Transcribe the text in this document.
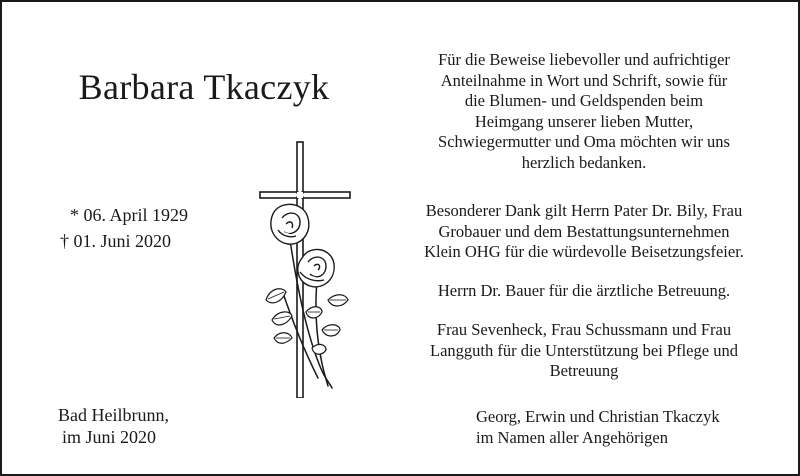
Barbara Tkaczyk
* 06. April 1929
† 01. Juni 2020
Bad Heilbrunn,
im Juni 2020
Für die Beweise liebevoller und aufrichtiger
Anteilnahme in Wort und Schrift, sowie für
die Blumen- und Geldspenden beim
Heimgang unserer lieben Mutter,
Schwiegermutter und Oma möchten wir uns
herzlich bedanken.
Besonderer Dank gilt Herrn Pater Dr. Bily, Frau
Grobauer und dem Bestattungsunternehmen
Klein OHG für die würdevolle Beisetzungsfeier.
Herrn Dr. Bauer für die ärztliche Betreuung.
Frau Sevenheck, Frau Schussmann und Frau
Langguth für die Unterstützung bei Pflege und
Betreuung
Georg, Erwin und Christian Tkaczyk
im Namen aller Angehörigen
